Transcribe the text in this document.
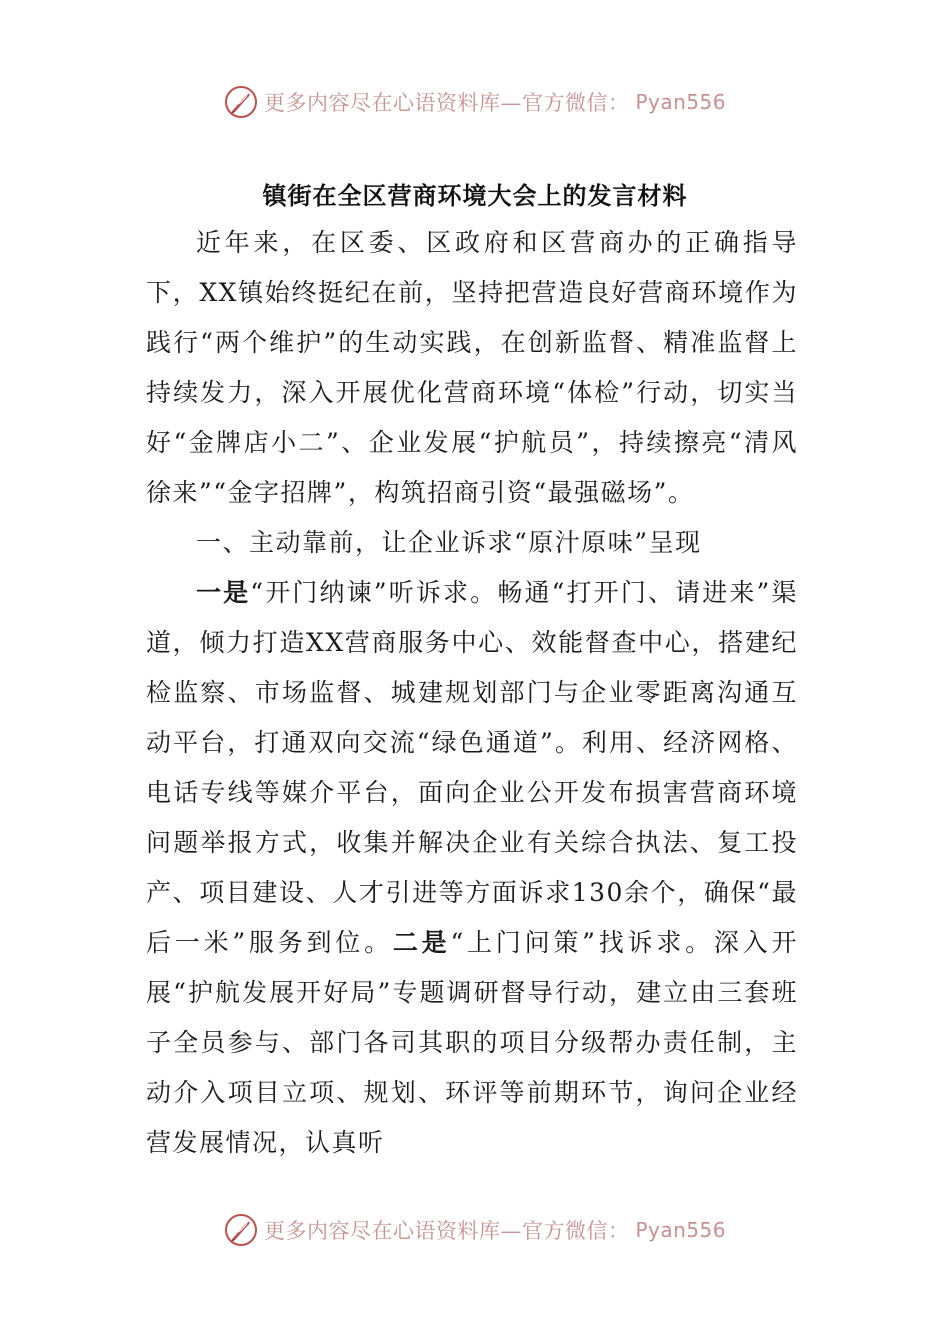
更多内容尽在心语资料库—官方微信： Pyan556
镇街在全区营商环境大会上的发言材料

近年来，在区委、区政府和区营商办的正确指导下，XX镇始终挺纪在前，坚持把营造良好营商环境作为践行“两个维护”的生动实践，在创新监督、精准监督上持续发力，深入开展优化营商环境“体检”行动，切实当好“金牌店小二”、企业发展“护航员”，持续擦亮“清风徐来”“金字招牌”，构筑招商引资“最强磁场”。

一、主动靠前，让企业诉求“原汁原味”呈现

一是“开门纳谏”听诉求。畅通“打开门、请进来”渠道，倾力打造XX营商服务中心、效能督查中心，搭建纪检监察、市场监督、城建规划部门与企业零距离沟通互动平台，打通双向交流“绿色通道”。利用、经济网格、电话专线等媒介平台，面向企业公开发布损害营商环境问题举报方式，收集并解决企业有关综合执法、复工投产、项目建设、人才引进等方面诉求130余个，确保“最后一米”服务到位。二是“上门问策”找诉求。深入开展“护航发展开好局”专题调研督导行动，建立由三套班子全员参与、部门各司其职的项目分级帮办责任制，主动介入项目立项、规划、环评等前期环节，询问企业经营发展情况，认真听

更多内容尽在心语资料库—官方微信： Pyan556
